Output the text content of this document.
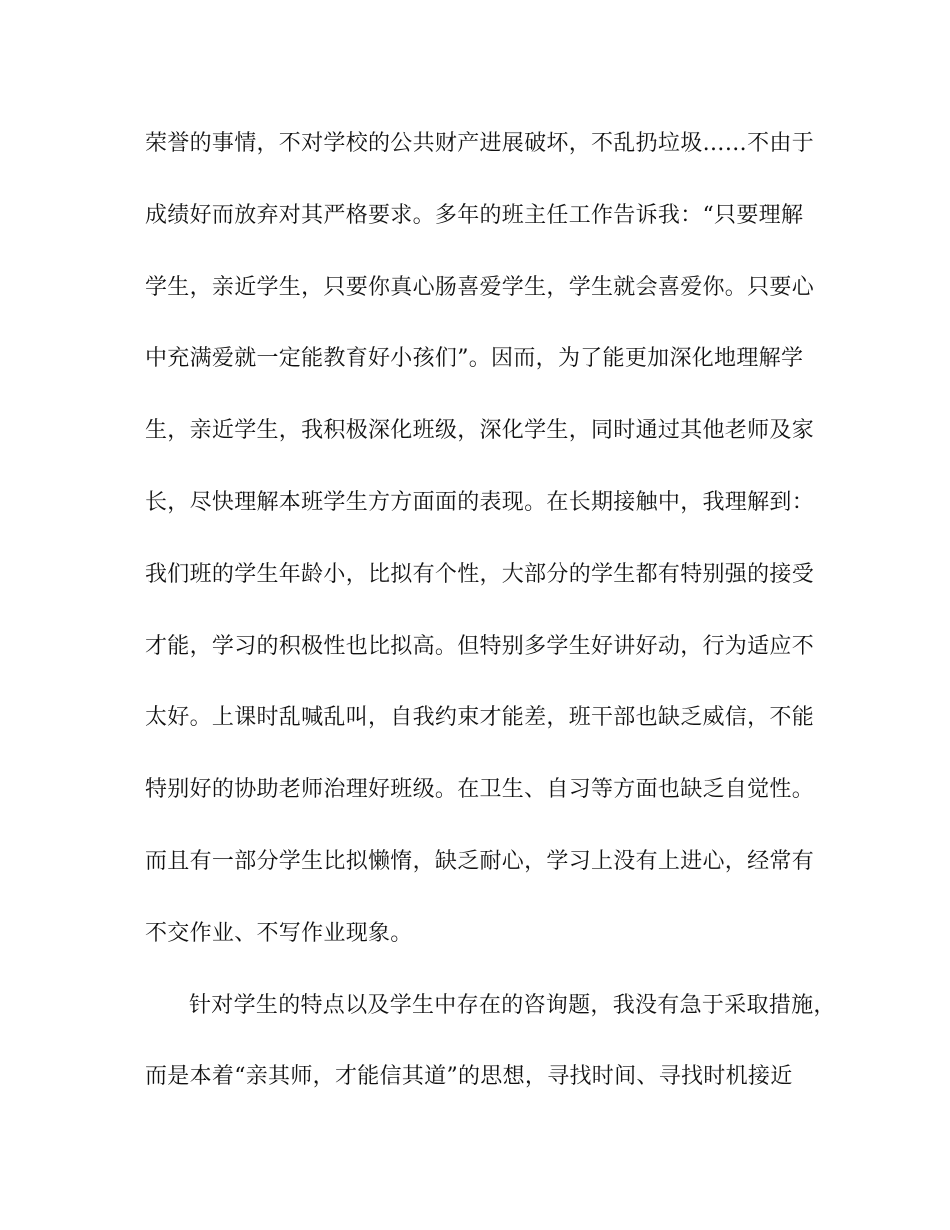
荣誉的事情，不对学校的公共财产进展破坏，不乱扔垃圾……不由于
成绩好而放弃对其严格要求。多年的班主任工作告诉我：“只要理解
学生，亲近学生，只要你真心肠喜爱学生，学生就会喜爱你。只要心
中充满爱就一定能教育好小孩们”。因而，为了能更加深化地理解学
生，亲近学生，我积极深化班级，深化学生，同时通过其他老师及家
长，尽快理解本班学生方方面面的表现。在长期接触中，我理解到：
我们班的学生年龄小，比拟有个性，大部分的学生都有特别强的接受
才能，学习的积极性也比拟高。但特别多学生好讲好动，行为适应不
太好。上课时乱喊乱叫，自我约束才能差，班干部也缺乏威信，不能
特别好的协助老师治理好班级。在卫生、自习等方面也缺乏自觉性。
而且有一部分学生比拟懒惰，缺乏耐心，学习上没有上进心，经常有
不交作业、不写作业现象。
针对学生的特点以及学生中存在的咨询题，我没有急于采取措施，
而是本着“亲其师，才能信其道”的思想，寻找时间、寻找时机接近
